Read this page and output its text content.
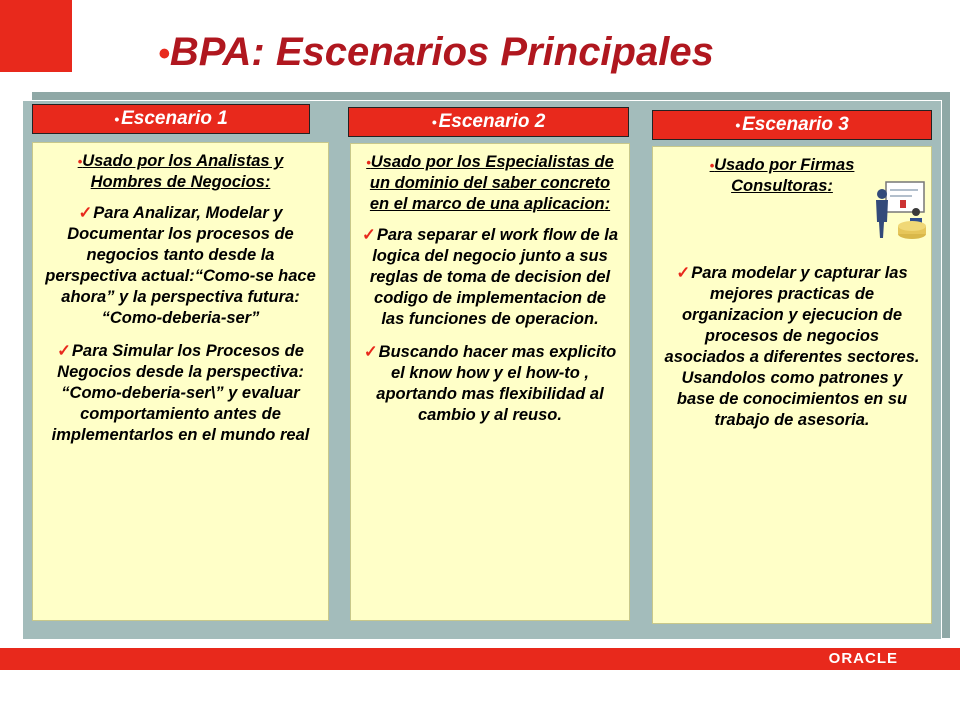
•BPA: Escenarios Principales
• Escenario 1
•Usado por los Analistas y Hombres de Negocios:
✓Para Analizar, Modelar y Documentar los procesos de negocios tanto desde la perspectiva actual:“Como-se hace ahora” y la perspectiva futura: “Como-deberia-ser”
✓Para Simular los Procesos de Negocios desde la perspectiva: “Como-deberia-ser\” y evaluar comportamiento antes de implementarlos en el mundo real
• Escenario 2
•Usado por los Especialistas de un dominio del saber concreto en el marco de una aplicacion:
✓Para separar el work flow de la logica del negocio junto a sus reglas de toma de decision del codigo de implementacion de las funciones de operacion.
✓Buscando hacer mas explicito el know how y el how-to , aportando mas flexibilidad al cambio y al reuso.
• Escenario 3
•Usado por Firmas Consultoras:
✓Para modelar y capturar las mejores practicas de organizacion y ejecucion de procesos de negocios asociados a diferentes sectores. Usandolos como patrones y base de conocimientos en su trabajo de asesoria.
ORACLE
